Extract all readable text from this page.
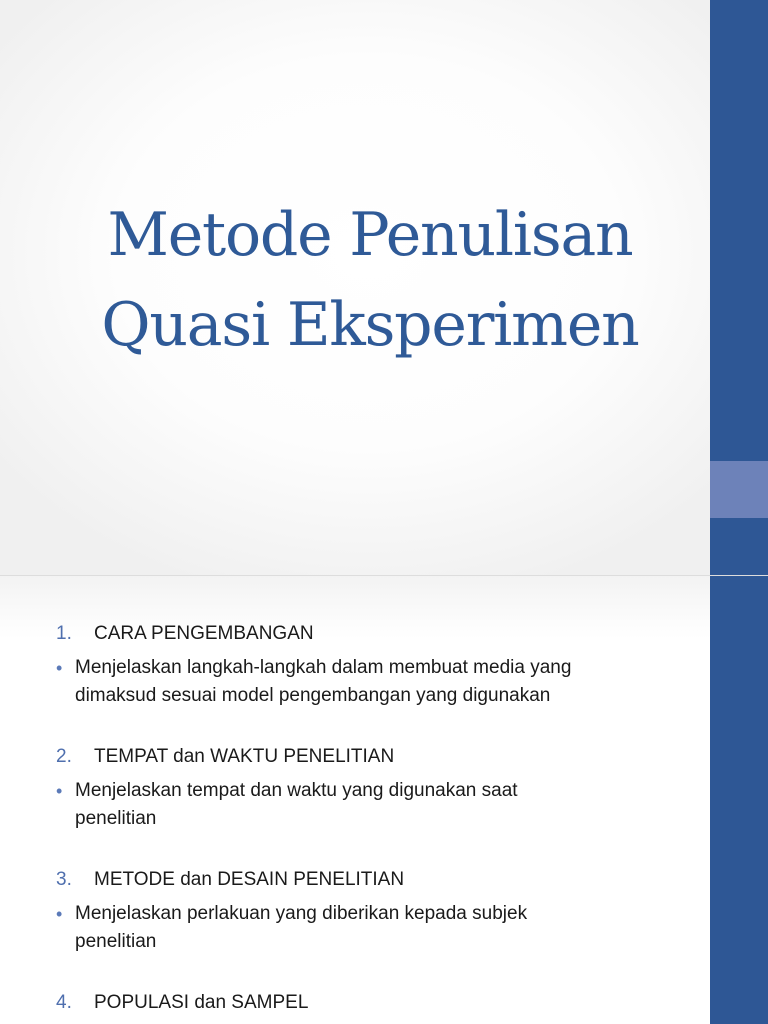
Metode Penulisan
Quasi Eksperimen
1.	CARA PENGEMBANGAN
• Menjelaskan langkah-langkah dalam membuat media yang
dimaksud sesuai model pengembangan yang digunakan
2.	TEMPAT dan WAKTU PENELITIAN
• Menjelaskan tempat dan waktu yang digunakan saat
penelitian
3.	METODE dan DESAIN PENELITIAN
• Menjelaskan perlakuan yang diberikan kepada subjek
penelitian
4.	POPULASI dan SAMPEL
